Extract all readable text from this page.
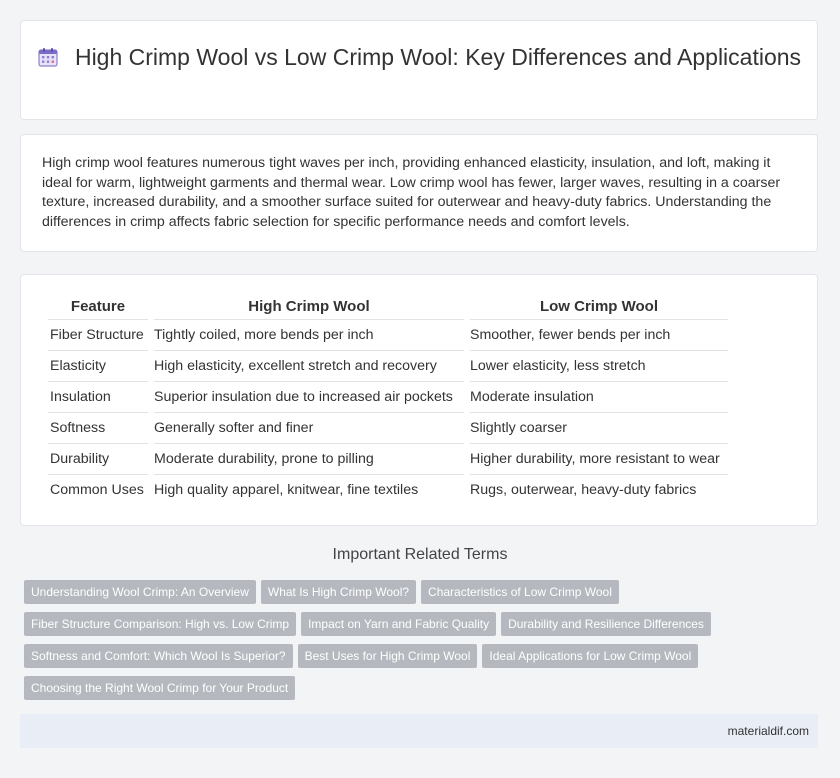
High Crimp Wool vs Low Crimp Wool: Key Differences and Applications
High crimp wool features numerous tight waves per inch, providing enhanced elasticity, insulation, and loft, making it ideal for warm, lightweight garments and thermal wear. Low crimp wool has fewer, larger waves, resulting in a coarser texture, increased durability, and a smoother surface suited for outerwear and heavy-duty fabrics. Understanding the differences in crimp affects fabric selection for specific performance needs and comfort levels.
Feature	High Crimp Wool	Low Crimp Wool
Fiber Structure	Tightly coiled, more bends per inch	Smoother, fewer bends per inch
Elasticity	High elasticity, excellent stretch and recovery	Lower elasticity, less stretch
Insulation	Superior insulation due to increased air pockets	Moderate insulation
Softness	Generally softer and finer	Slightly coarser
Durability	Moderate durability, prone to pilling	Higher durability, more resistant to wear
Common Uses	High quality apparel, knitwear, fine textiles	Rugs, outerwear, heavy-duty fabrics
Important Related Terms
Understanding Wool Crimp: An Overview What Is High Crimp Wool? Characteristics of Low Crimp Wool
Fiber Structure Comparison: High vs. Low Crimp Impact on Yarn and Fabric Quality Durability and Resilience Differences
Softness and Comfort: Which Wool Is Superior? Best Uses for High Crimp Wool Ideal Applications for Low Crimp Wool
Choosing the Right Wool Crimp for Your Product
materialdif.com
